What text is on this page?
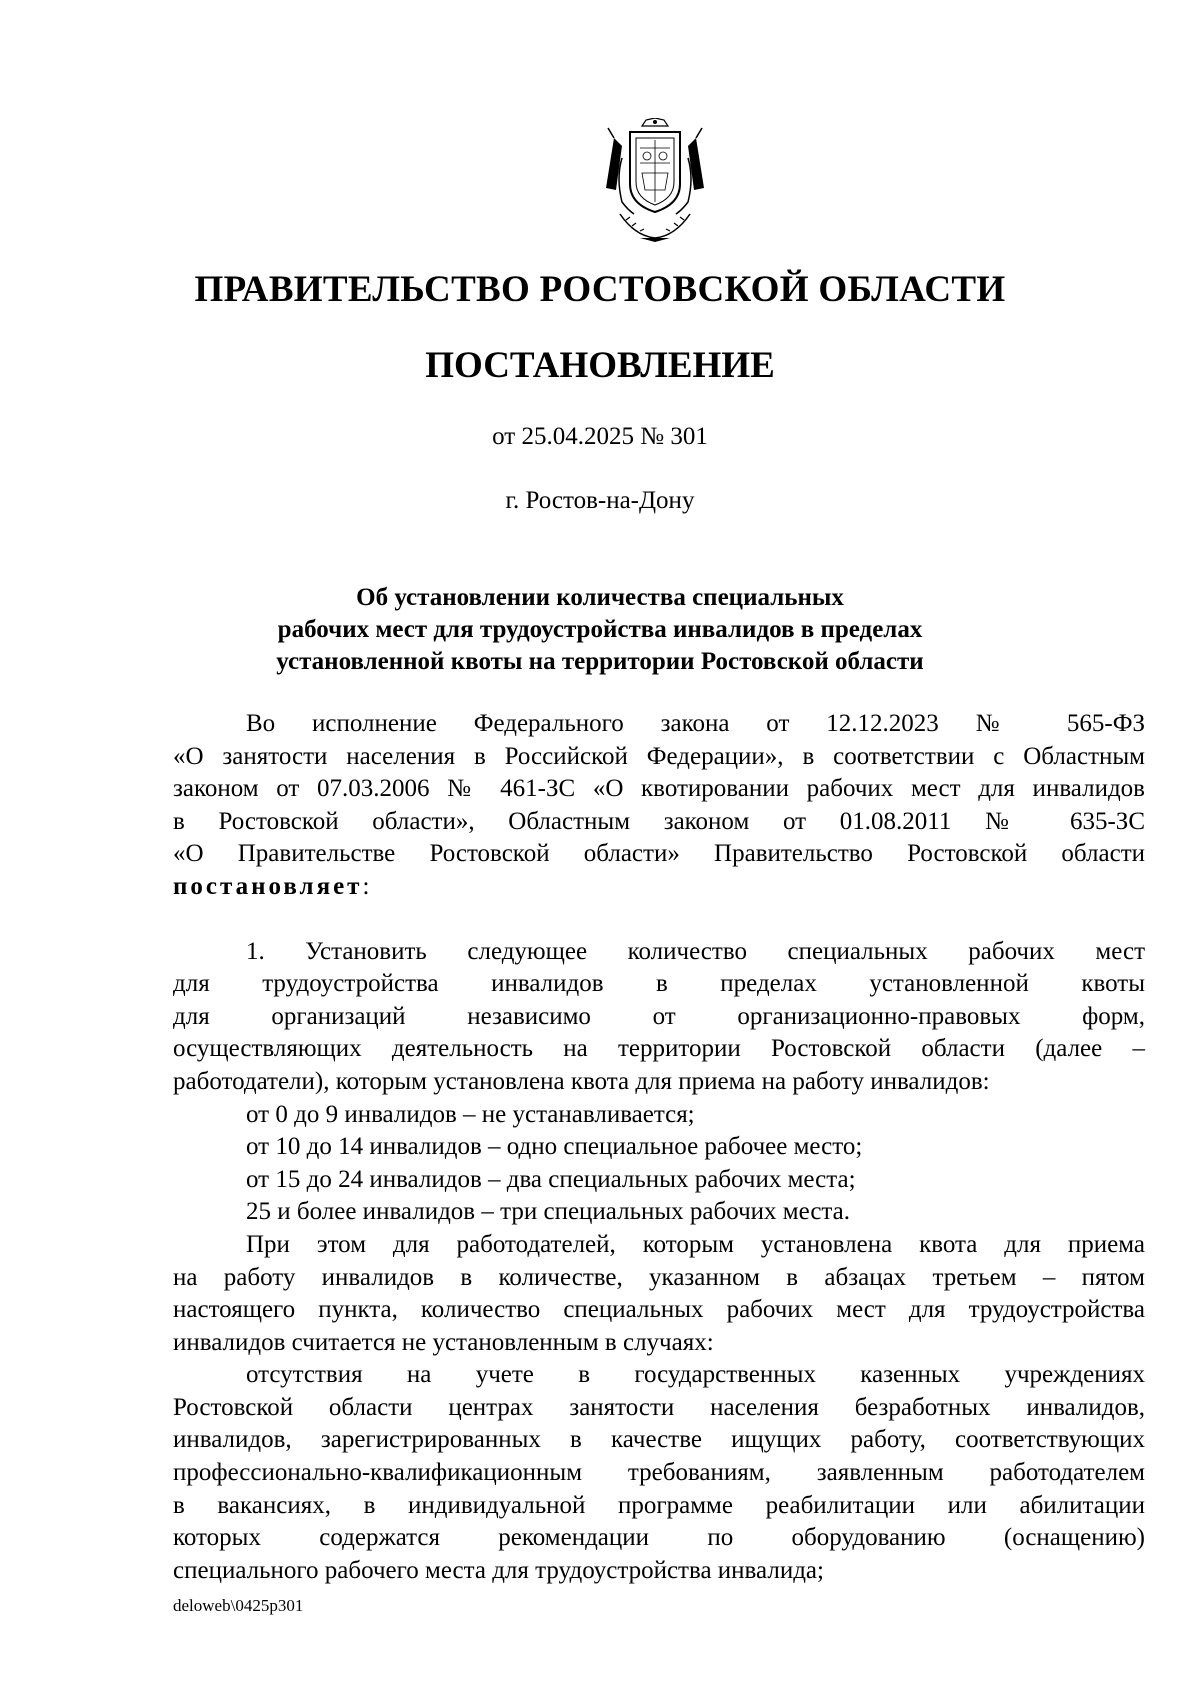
ПРАВИТЕЛЬСТВО РОСТОВСКОЙ ОБЛАСТИ
ПОСТАНОВЛЕНИЕ
от 25.04.2025 № 301
г. Ростов-на-Дону
Об установлении количества специальных
рабочих мест для трудоустройства инвалидов в пределах
установленной квоты на территории Ростовской области

Во исполнение Федерального закона от 12.12.2023 № 565-ФЗ

«О занятости населения в Российской Федерации», в соответствии с Областным

законом от 07.03.2006 № 461-ЗС «О квотировании рабочих мест для инвалидов

в Ростовской области», Областным законом от 01.08.2011 № 635-ЗС

«О Правительстве Ростовской области» Правительство Ростовской области

постановляет:

1. Установить следующее количество специальных рабочих мест

для трудоустройства инвалидов в пределах установленной квоты

для организаций независимо от организационно-правовых форм,

осуществляющих деятельность на территории Ростовской области (далее –

работодатели), которым установлена квота для приема на работу инвалидов:

от 0 до 9 инвалидов – не устанавливается;

от 10 до 14 инвалидов – одно специальное рабочее место;

от 15 до 24 инвалидов – два специальных рабочих места;

25 и более инвалидов – три специальных рабочих места.

При этом для работодателей, которым установлена квота для приема

на работу инвалидов в количестве, указанном в абзацах третьем – пятом

настоящего пункта, количество специальных рабочих мест для трудоустройства

инвалидов считается не установленным в случаях:

отсутствия на учете в государственных казенных учреждениях

Ростовской области центрах занятости населения безработных инвалидов,

инвалидов, зарегистрированных в качестве ищущих работу, соответствующих

профессионально-квалификационным требованиям, заявленным работодателем

в вакансиях, в индивидуальной программе реабилитации или абилитации

которых содержатся рекомендации по оборудованию (оснащению)

специального рабочего места для трудоустройства инвалида;

deloweb\0425p301
